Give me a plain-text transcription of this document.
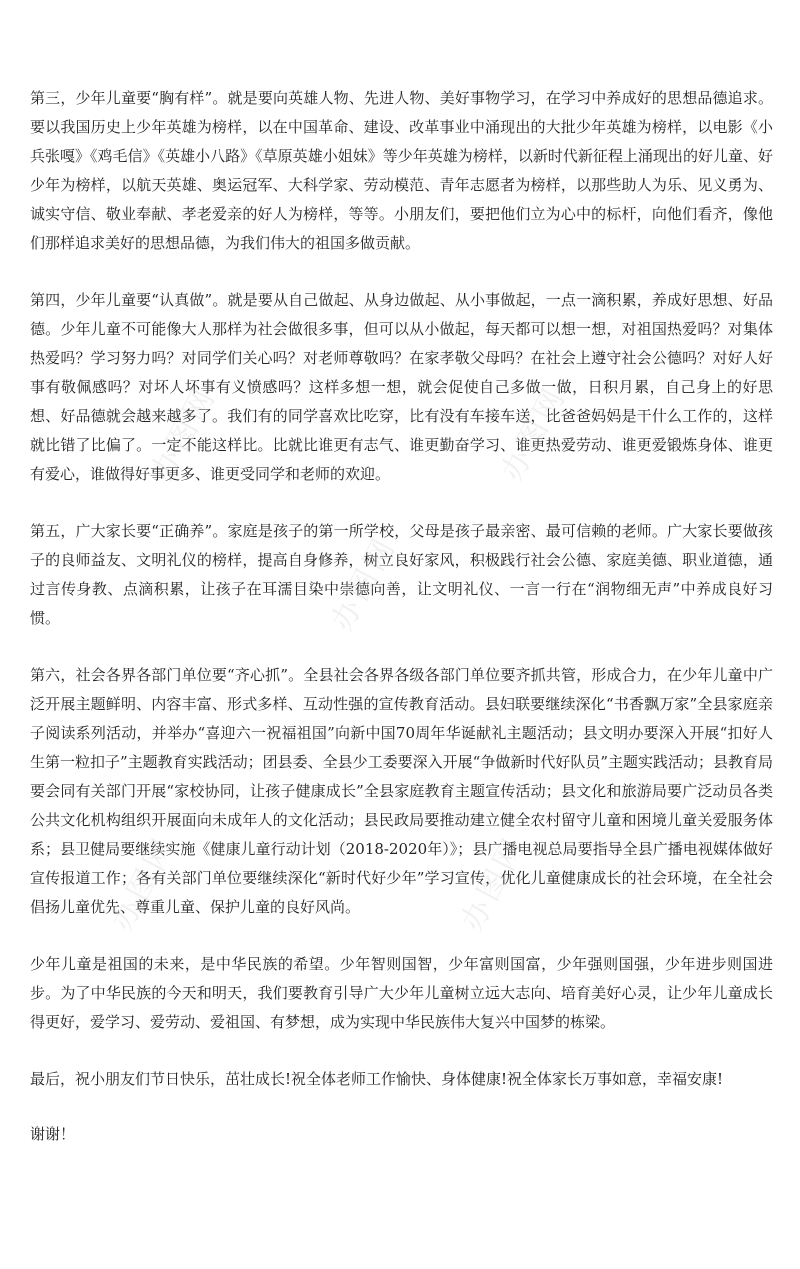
第三，少年儿童要“胸有样”。就是要向英雄人物、先进人物、美好事物学习，在学习中养成好的思想品德追求。要以我国历史上少年英雄为榜样，以在中国革命、建设、改革事业中涌现出的大批少年英雄为榜样，以电影《小兵张嘎》《鸡毛信》《英雄小八路》《草原英雄小姐妹》等少年英雄为榜样，以新时代新征程上涌现出的好儿童、好少年为榜样，以航天英雄、奥运冠军、大科学家、劳动模范、青年志愿者为榜样，以那些助人为乐、见义勇为、诚实守信、敬业奉献、孝老爱亲的好人为榜样，等等。小朋友们，要把他们立为心中的标杆，向他们看齐，像他们那样追求美好的思想品德，为我们伟大的祖国多做贡献。

第四，少年儿童要“认真做”。就是要从自己做起、从身边做起、从小事做起，一点一滴积累，养成好思想、好品德。少年儿童不可能像大人那样为社会做很多事，但可以从小做起，每天都可以想一想，对祖国热爱吗？对集体热爱吗？学习努力吗？对同学们关心吗？对老师尊敬吗？在家孝敬父母吗？在社会上遵守社会公德吗？对好人好事有敬佩感吗？对坏人坏事有义愤感吗？这样多想一想，就会促使自己多做一做，日积月累，自己身上的好思想、好品德就会越来越多了。我们有的同学喜欢比吃穿，比有没有车接车送，比爸爸妈妈是干什么工作的，这样就比错了比偏了。一定不能这样比。比就比谁更有志气、谁更勤奋学习、谁更热爱劳动、谁更爱锻炼身体、谁更有爱心，谁做得好事更多、谁更受同学和老师的欢迎。

第五，广大家长要“正确养”。家庭是孩子的第一所学校，父母是孩子最亲密、最可信赖的老师。广大家长要做孩子的良师益友、文明礼仪的榜样，提高自身修养，树立良好家风，积极践行社会公德、家庭美德、职业道德，通过言传身教、点滴积累，让孩子在耳濡目染中崇德向善，让文明礼仪、一言一行在“润物细无声”中养成良好习惯。

第六，社会各界各部门单位要“齐心抓”。全县社会各界各级各部门单位要齐抓共管，形成合力，在少年儿童中广泛开展主题鲜明、内容丰富、形式多样、互动性强的宣传教育活动。县妇联要继续深化“书香飘万家”全县家庭亲子阅读系列活动，并举办“喜迎六一祝福祖国”向新中国70周年华诞献礼主题活动；县文明办要深入开展“扣好人生第一粒扣子”主题教育实践活动；团县委、全县少工委要深入开展“争做新时代好队员”主题实践活动；县教育局要会同有关部门开展“家校协同，让孩子健康成长”全县家庭教育主题宣传活动；县文化和旅游局要广泛动员各类公共文化机构组织开展面向未成年人的文化活动；县民政局要推动建立健全农村留守儿童和困境儿童关爱服务体系；县卫健局要继续实施《健康儿童行动计划（2018-2020年）》；县广播电视总局要指导全县广播电视媒体做好宣传报道工作；各有关部门单位要继续深化“新时代好少年”学习宣传，优化儿童健康成长的社会环境，在全社会倡扬儿童优先、尊重儿童、保护儿童的良好风尚。

少年儿童是祖国的未来，是中华民族的希望。少年智则国智，少年富则国富，少年强则国强，少年进步则国进步。为了中华民族的今天和明天，我们要教育引导广大少年儿童树立远大志向、培育美好心灵，让少年儿童成长得更好，爱学习、爱劳动、爱祖国、有梦想，成为实现中华民族伟大复兴中国梦的栋梁。

最后，祝小朋友们节日快乐，茁壮成长!祝全体老师工作愉快、身体健康!祝全体家长万事如意，幸福安康!

谢谢！

办图网	办图网
办图网
办图网	办图网
